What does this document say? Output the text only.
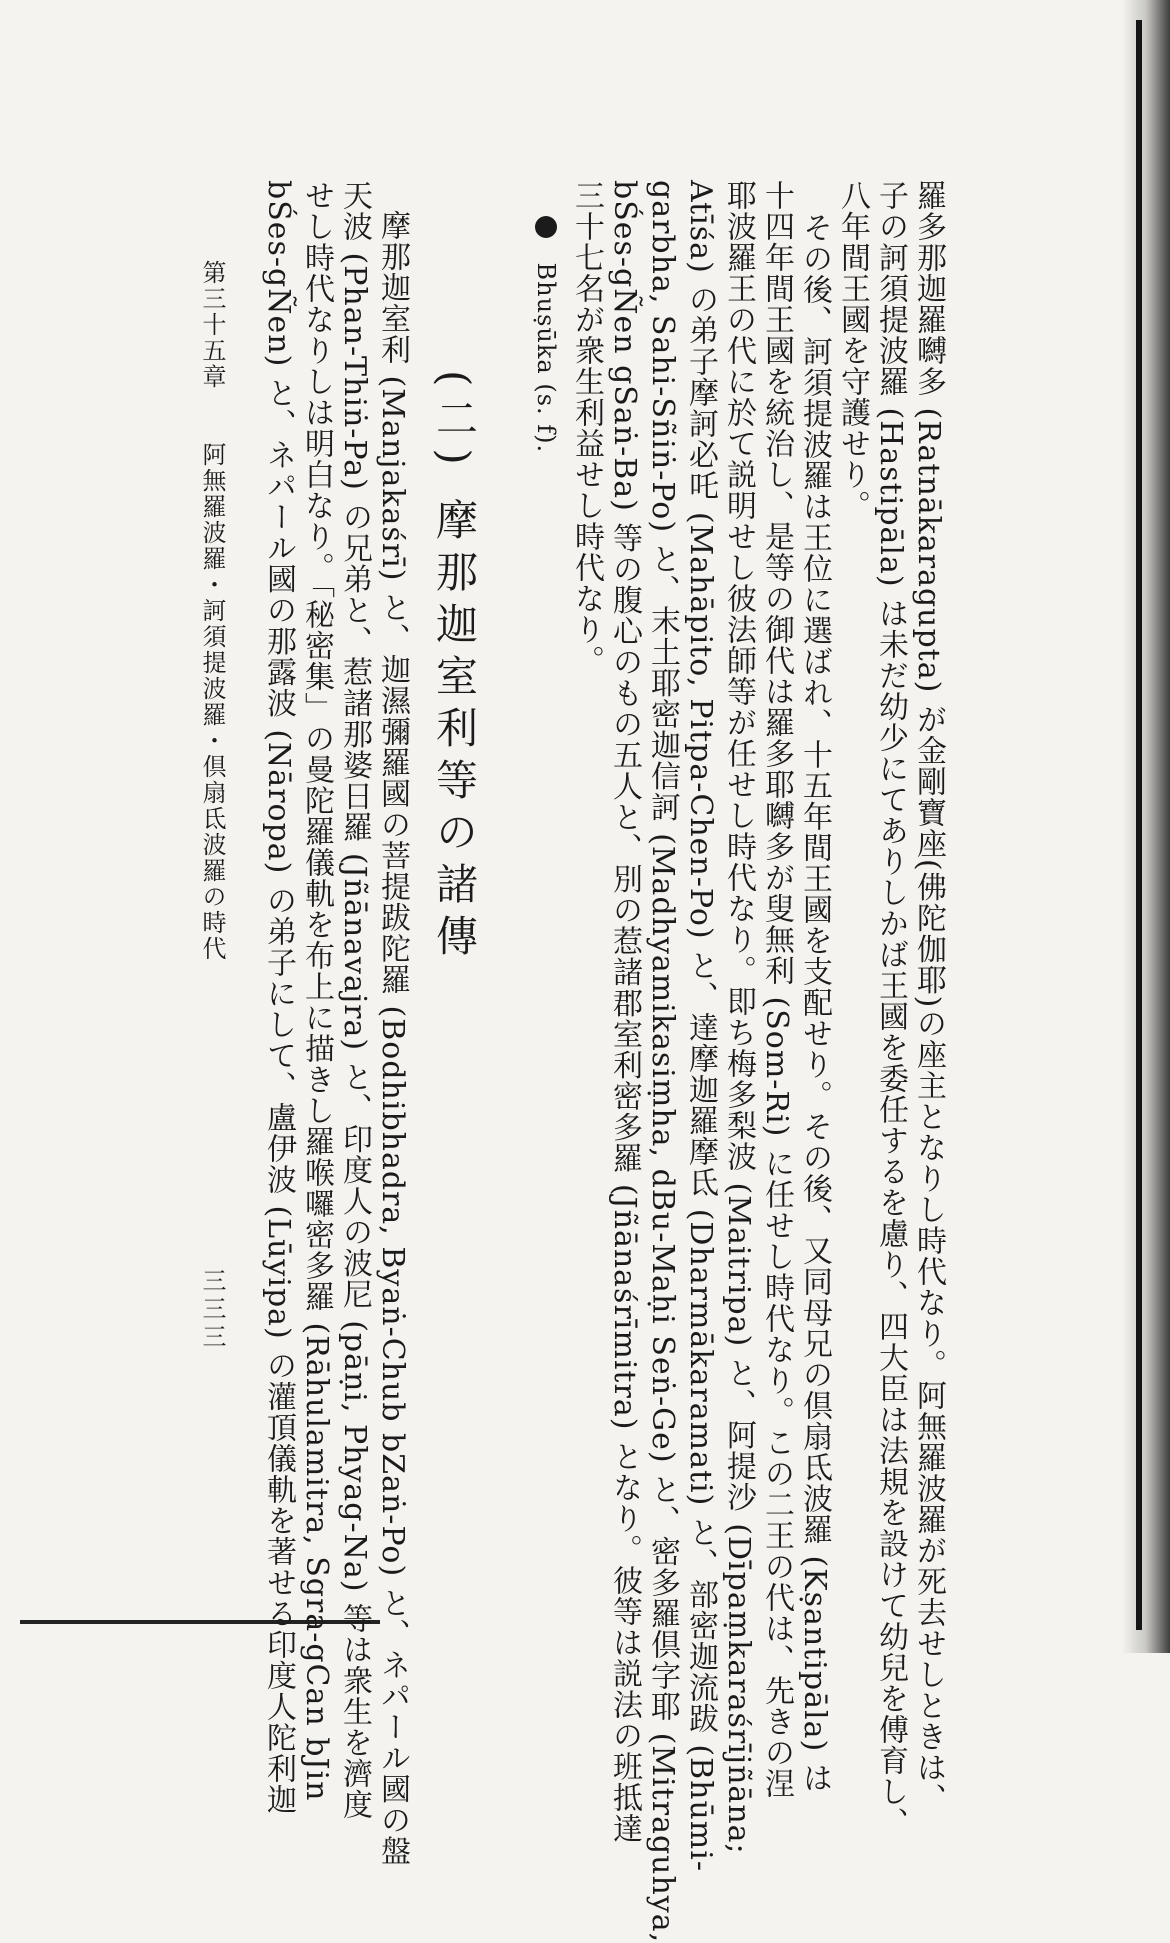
羅多那迦羅嚩多 (Ratnākaragupta) が金剛寶座(佛陀伽耶)の座主となりし時代なり。阿無羅波羅が死去せしときは、
子の訶須提波羅 (Hastipāla) は未だ幼少にてありしかば王國を委任するを慮り、四大臣は法規を設けて幼兒を傅育し、
八年間王國を守護せり。
その後、訶須提波羅は王位に選ばれ、十五年間王國を支配せり。その後、又同母兄の倶扇氐波羅 (Kṣantipāla) は
十四年間王國を統治し、是等の御代は羅多耶嚩多が叟無利 (Som-Ri) に任せし時代なり。この二王の代は、先きの涅
耶波羅王の代に於て説明せし彼法師等が任せし時代なり。即ち梅多梨波 (Maitripa) と、阿提沙 (Dīpaṃkaraśrījñāna;
Atīśa) の弟子摩訶必吒 (Mahāpito, Pitpa-Chen-Po) と、達摩迦羅摩氐 (Dharmākaramati) と、部密迦流跋 (Bhūmi-
garbha, Sahi-Sñiṅ-Po) と、末土耶密迦信訶 (Madhyamikasiṃha, dBu-Maḥi Seṅ-Ge) と、密多羅倶字耶 (Mitraguhya,
bŚes-gÑen gSaṅ-Ba) 等の腹心のもの五人と、別の惹諸郡室利密多羅 (Jñānaśrīmitra) となり。彼等は説法の班抵達
三十七名が衆生利益せし時代なり。
Bhuṣūka (s. f).
(二) 摩那迦室利等の諸傳
摩那迦室利 (Manjakaśrī) と、迦濕彌羅國の菩提跋陀羅 (Bodhibhadra, Byaṅ-Chub bZaṅ-Po) と、ネパール國の盤
天波 (Phan-Thiṅ-Pa) の兄弟と、惹諸那婆日羅 (Jñānavajra) と、印度人の波尼 (pāṇi, Phyag-Na) 等は衆生を濟度
せし時代なりしは明白なり。「秘密集」の曼陀羅儀軌を布上に描きし羅喉囉密多羅 (Rāhulamitra, Sgra-gCan bJin
bŚes-gÑen) と、ネパール國の那露波 (Nāropa) の弟子にして、盧伊波 (Lūyipa) の灌頂儀軌を著せる印度人陀利迦
第三十五章　　阿無羅波羅・訶須提波羅・倶扇氐波羅の時代
三三三
